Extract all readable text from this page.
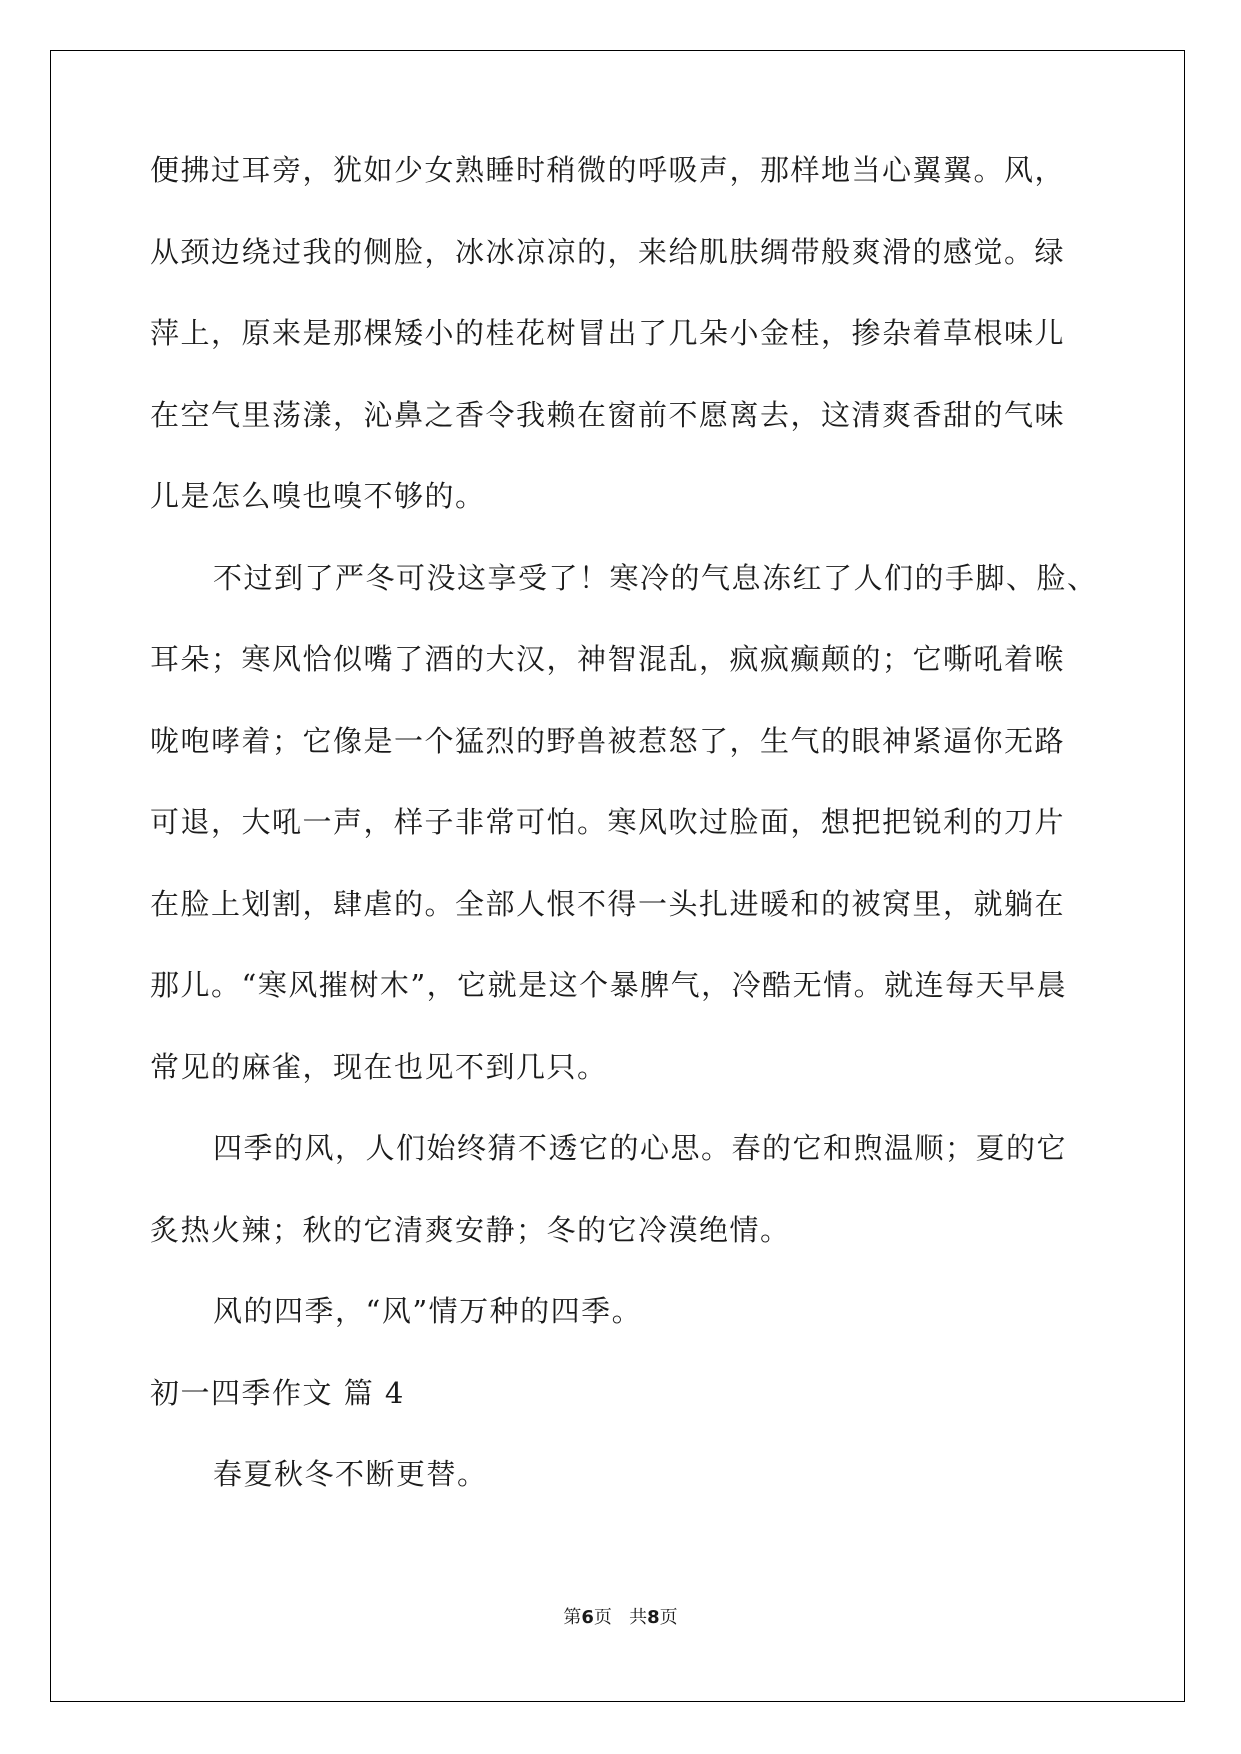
便拂过耳旁，犹如少女熟睡时稍微的呼吸声，那样地当心翼翼。风，
从颈边绕过我的侧脸，冰冰凉凉的，来给肌肤绸带般爽滑的感觉。绿
萍上，原来是那棵矮小的桂花树冒出了几朵小金桂，掺杂着草根味儿
在空气里荡漾，沁鼻之香令我赖在窗前不愿离去，这清爽香甜的气味
儿是怎么嗅也嗅不够的。
不过到了严冬可没这享受了！寒冷的气息冻红了人们的手脚、脸、
耳朵；寒风恰似嘴了酒的大汉，神智混乱，疯疯癫颠的；它嘶吼着喉
咙咆哮着；它像是一个猛烈的野兽被惹怒了，生气的眼神紧逼你无路
可退，大吼一声，样子非常可怕。寒风吹过脸面，想把把锐利的刀片
在脸上划割，肆虐的。全部人恨不得一头扎进暖和的被窝里，就躺在
那儿。“寒风摧树木”，它就是这个暴脾气，冷酷无情。就连每天早晨
常见的麻雀，现在也见不到几只。
四季的风，人们始终猜不透它的心思。春的它和煦温顺；夏的它
炙热火辣；秋的它清爽安静；冬的它冷漠绝情。
风的四季，“风”情万种的四季。
初一四季作文 篇 4
春夏秋冬不断更替。
第6页 共8页
